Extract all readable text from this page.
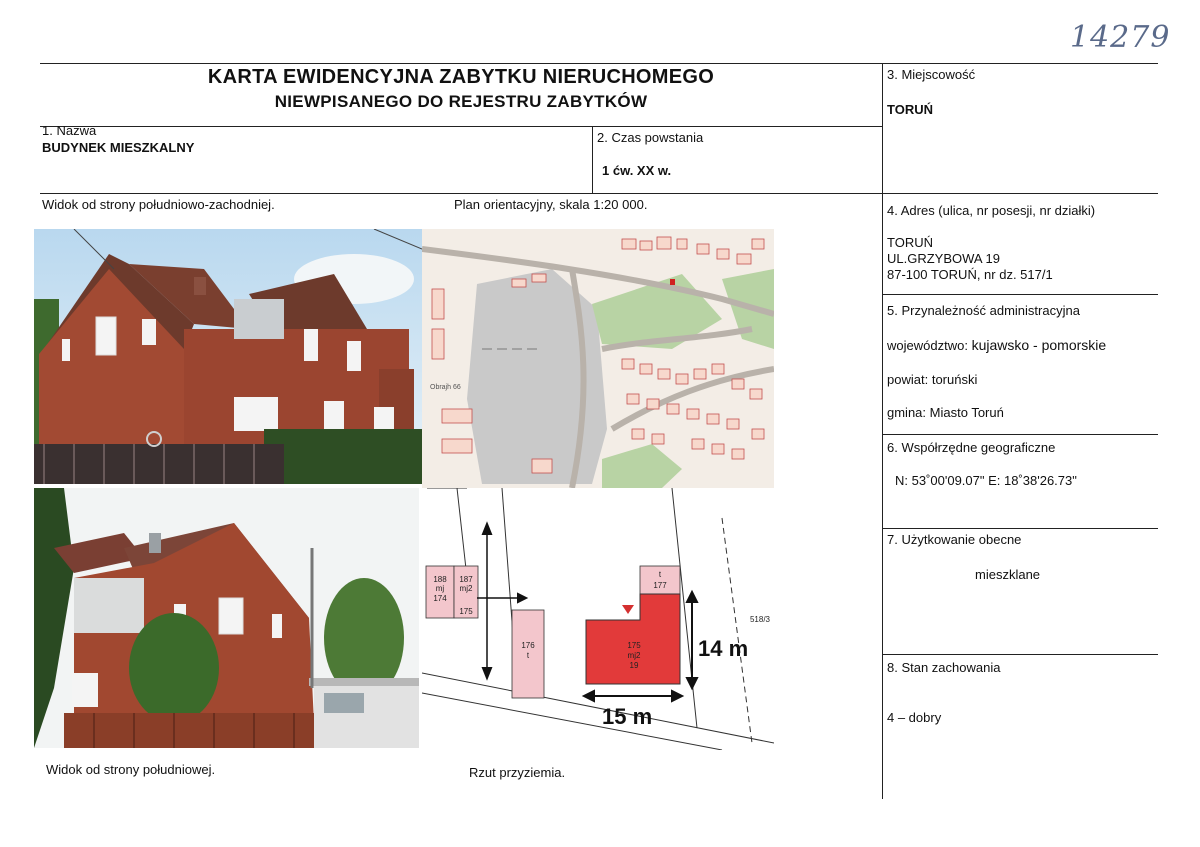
14279
KARTA EWIDENCYJNA ZABYTKU NIERUCHOMEGO
NIEWPISANEGO DO REJESTRU ZABYTKÓW
3. Miejscowość
TORUŃ
1. Nazwa
BUDYNEK MIESZKALNY
2. Czas powstania
1 ćw. XX w.
4. Adres (ulica, nr posesji, nr działki)
TORUŃ
UL.GRZYBOWA 19
87-100 TORUŃ, nr dz. 517/1
5. Przynależność administracyjna
województwo: kujawsko - pomorskie
powiat: toruński
gmina: Miasto Toruń
6. Współrzędne geograficzne
N: 53˚00'09.07" E: 18˚38'26.73"
7. Użytkowanie obecne
mieszklane
8. Stan zachowania
4 – dobry
Widok od strony południowo-zachodniej.	Plan orientacyjny, skala 1:20 000.
Widok od strony południowej.	Rzut przyziemia.
Obrajh 66
188
mj
174
187
mj2
175
176
t
t
177
175
mj2
19
518/3
14 m
15 m
